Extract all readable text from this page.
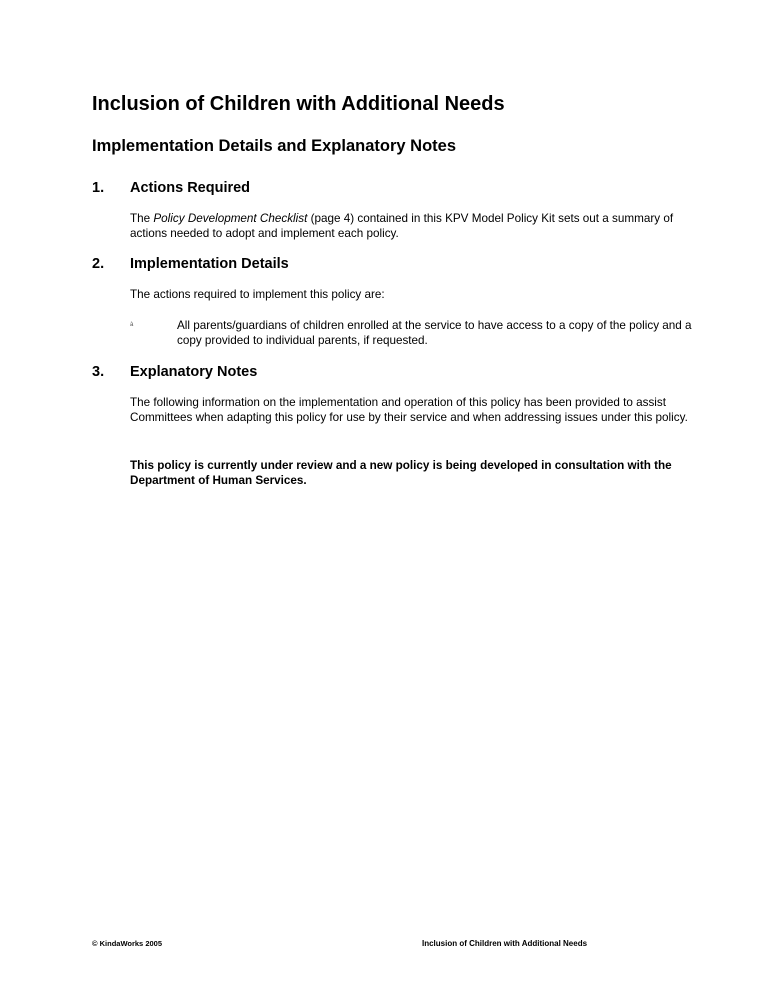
Inclusion of Children with Additional Needs
Implementation Details and Explanatory Notes
1. Actions Required

The Policy Development Checklist (page 4) contained in this KPV Model Policy Kit sets out a summary of actions needed to adopt and implement each policy.

2. Implementation Details

The actions required to implement this policy are:

à	All parents/guardians of children enrolled at the service to have access to a copy of the policy and a copy provided to individual parents, if requested.

3. Explanatory Notes

The following information on the implementation and operation of this policy has been provided to assist Committees when adapting this policy for use by their service and when addressing issues under this policy.

This policy is currently under review and a new policy is being developed in consultation with the Department of Human Services.

© KindaWorks 2005	Inclusion of Children with Additional Needs
